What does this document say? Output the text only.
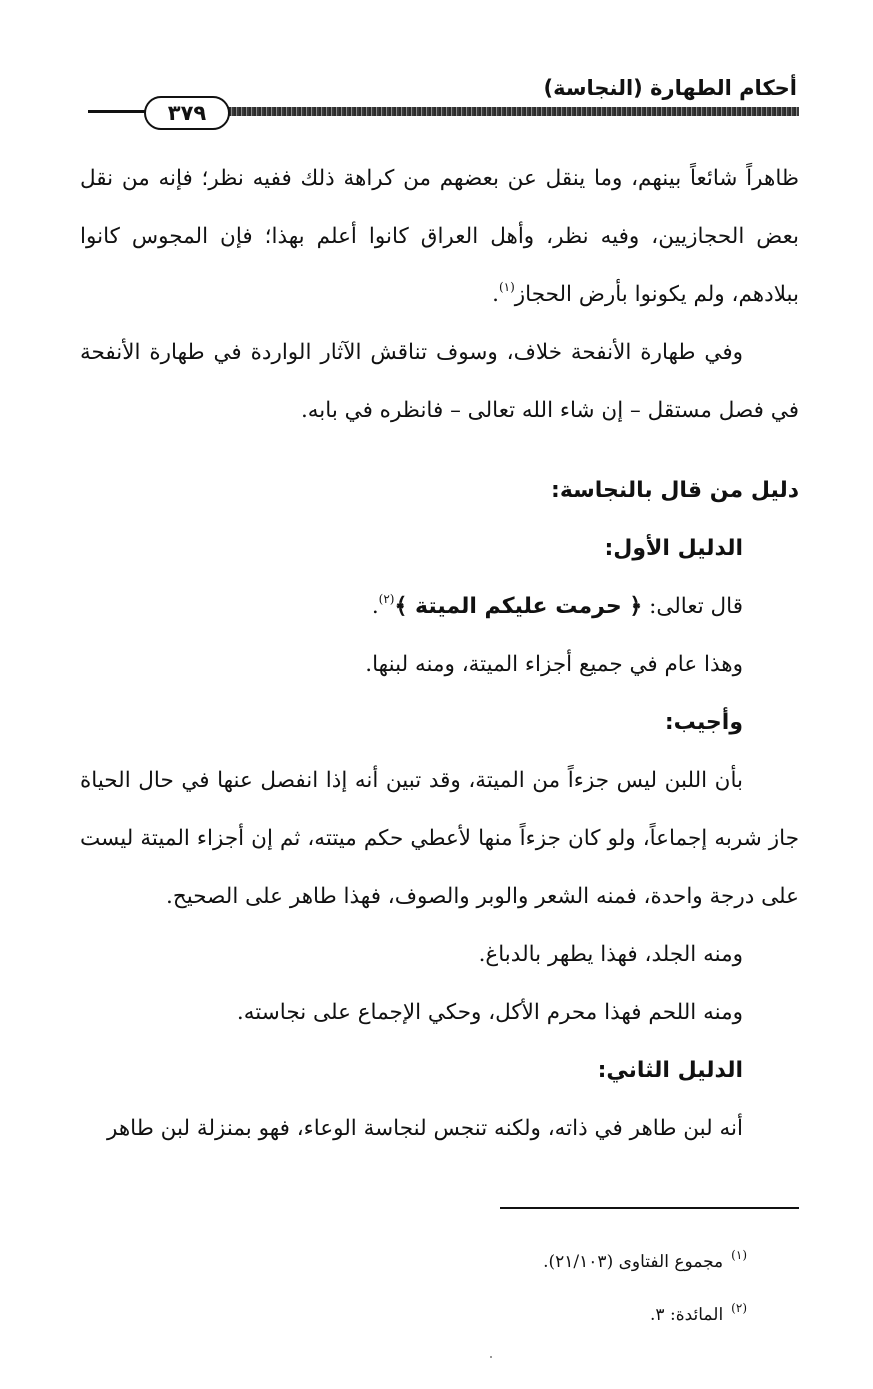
أحكام الطهارة (النجاسة)
٣٧٩

ظاهراً شائعاً بينهم، وما ينقل عن بعضهم من كراهة ذلك ففيه نظر؛ فإنه من نقل بعض الحجازيين، وفيه نظر، وأهل العراق كانوا أعلم بهذا؛ فإن المجوس كانوا ببلادهم، ولم يكونوا بأرض الحجاز$^{(١)}$.

وفي طهارة الأنفحة خلاف، وسوف تناقش الآثار الواردة في طهارة الأنفحة في فصل مستقل – إن شاء الله تعالى – فانظره في بابه.

دليل من قال بالنجاسة:

الدليل الأول:

قال تعالى: ﴿ حرمت عليكم الميتة ﴾$^{(٢)}$.

وهذا عام في جميع أجزاء الميتة، ومنه لبنها.

وأجيب:

بأن اللبن ليس جزءاً من الميتة، وقد تبين أنه إذا انفصل عنها في حال الحياة جاز شربه إجماعاً، ولو كان جزءاً منها لأعطي حكم ميتته، ثم إن أجزاء الميتة ليست على درجة واحدة، فمنه الشعر والوبر والصوف، فهذا طاهر على الصحيح.

ومنه الجلد، فهذا يطهر بالدباغ.

ومنه اللحم فهذا محرم الأكل، وحكي الإجماع على نجاسته.

الدليل الثاني:

أنه لبن طاهر في ذاته، ولكنه تنجس لنجاسة الوعاء، فهو بمنزلة لبن طاهر

$^{(١)}$مجموع الفتاوى (٢١/١٠٣).
$^{(٢)}$المائدة: ٣.
